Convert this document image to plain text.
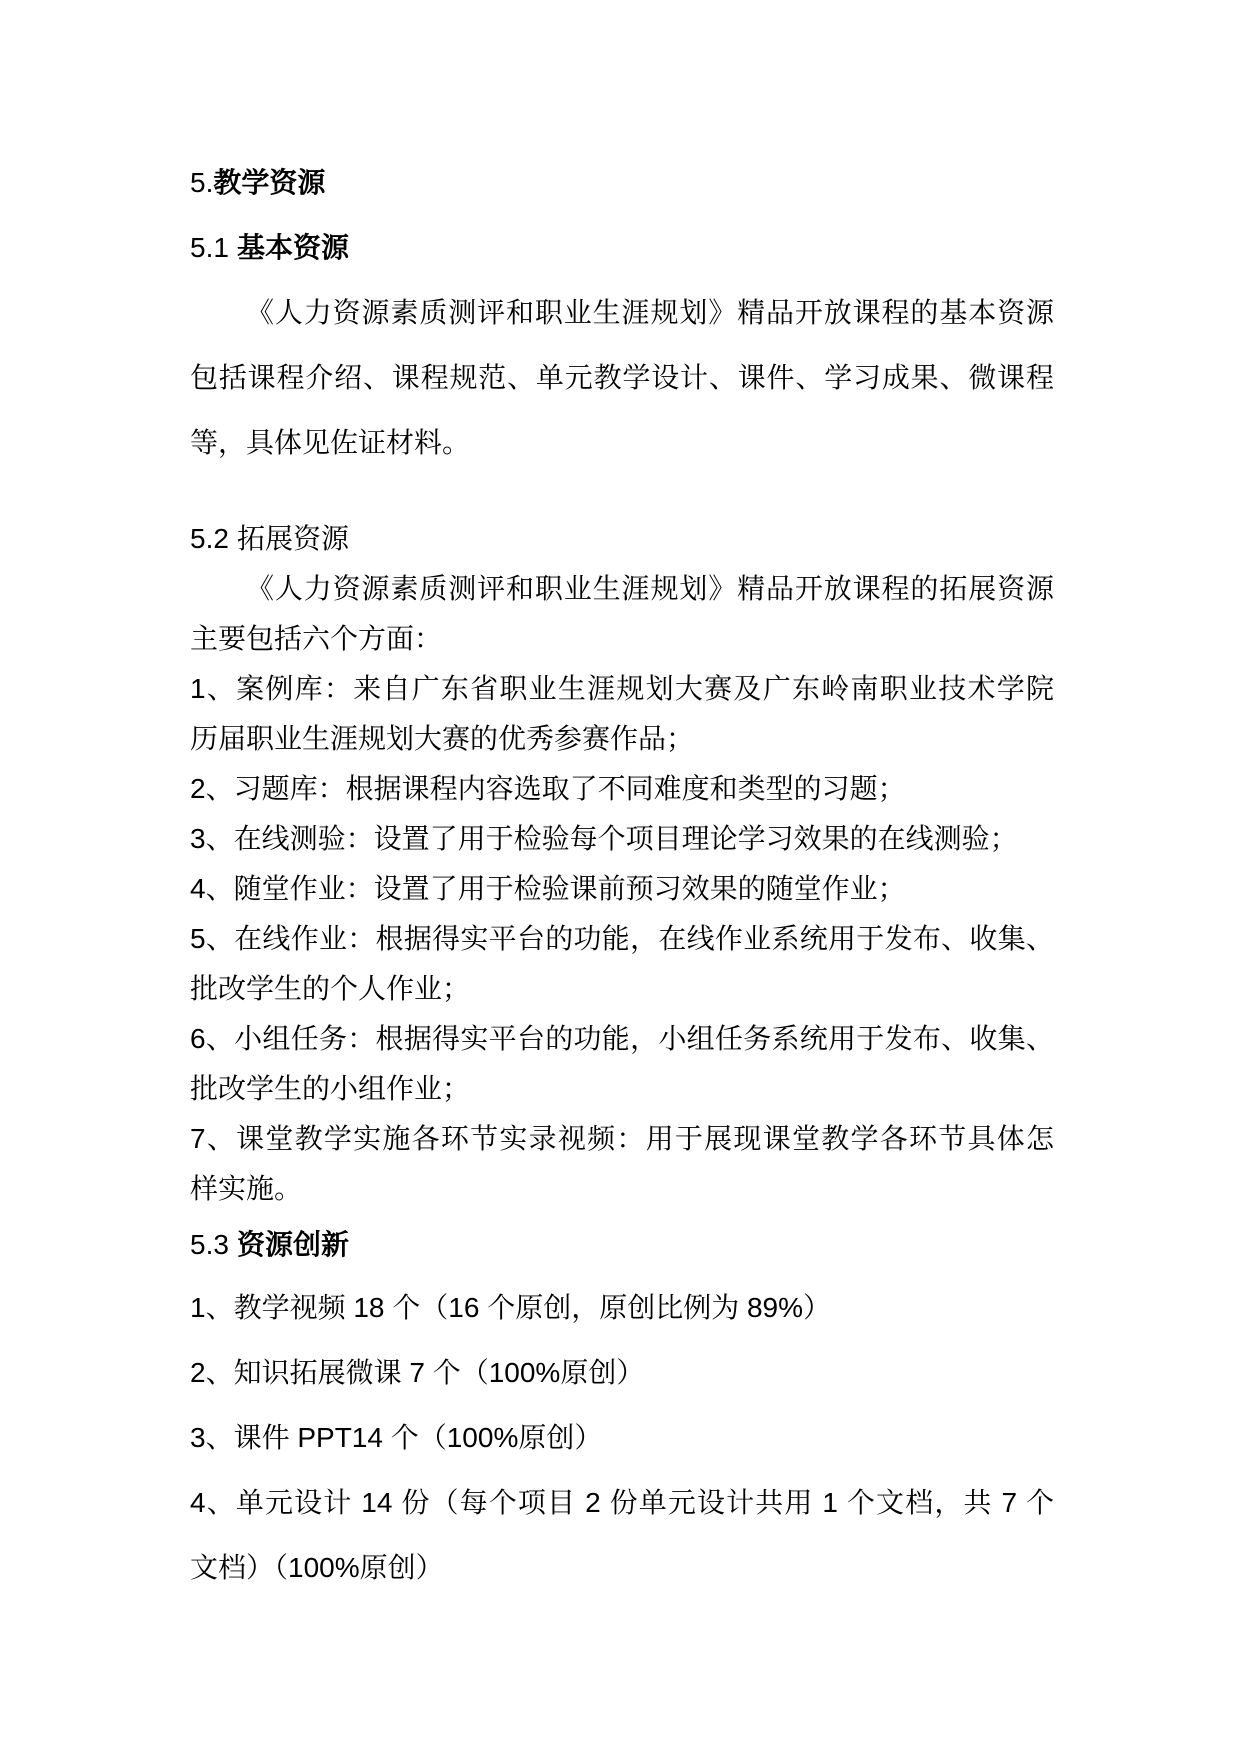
5.教学资源
5.1 基本资源
《人力资源素质测评和职业生涯规划》精品开放课程的基本资源
包括课程介绍、课程规范、单元教学设计、课件、学习成果、微课程
等，具体见佐证材料。
5.2 拓展资源
《人力资源素质测评和职业生涯规划》精品开放课程的拓展资源
主要包括六个方面：
1、案例库：来自广东省职业生涯规划大赛及广东岭南职业技术学院
历届职业生涯规划大赛的优秀参赛作品；
2、习题库：根据课程内容选取了不同难度和类型的习题；
3、在线测验：设置了用于检验每个项目理论学习效果的在线测验；
4、随堂作业：设置了用于检验课前预习效果的随堂作业；
5、在线作业：根据得实平台的功能，在线作业系统用于发布、收集、
批改学生的个人作业；
6、小组任务：根据得实平台的功能，小组任务系统用于发布、收集、
批改学生的小组作业；
7、课堂教学实施各环节实录视频：用于展现课堂教学各环节具体怎
样实施。
5.3 资源创新
1、教学视频 18 个（16 个原创，原创比例为 89%）
2、知识拓展微课 7 个（100%原创）
3、课件 PPT14 个（100%原创）
4、单元设计 14 份（每个项目 2 份单元设计共用 1 个文档，共 7 个
文档）（100%原创）
